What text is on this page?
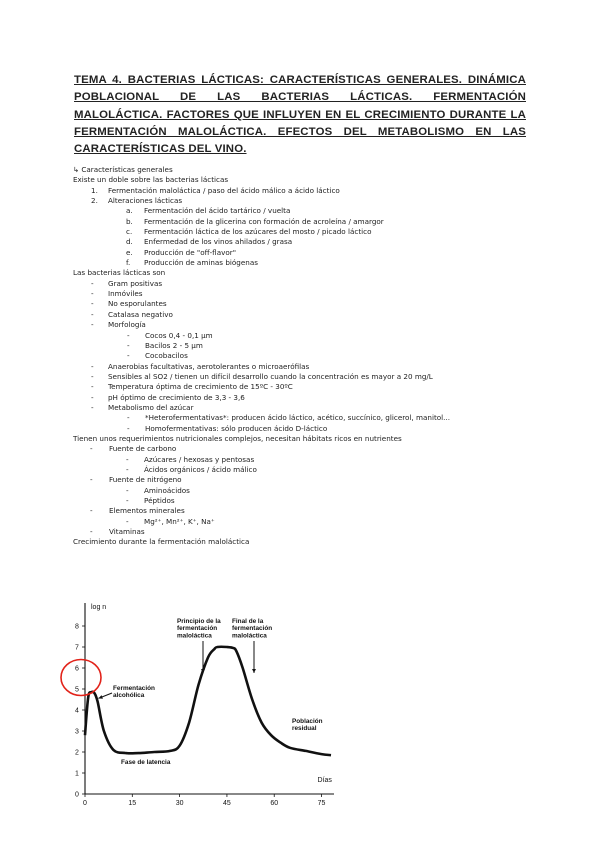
TEMA 4. BACTERIAS LÁCTICAS: CARACTERÍSTICAS GENERALES. DINÁMICA POBLACIONAL DE LAS BACTERIAS LÁCTICAS. FERMENTACIÓN MALOLÁCTICA. FACTORES QUE INFLUYEN EN EL CRECIMIENTO DURANTE LA FERMENTACIÓN MALOLÁCTICA. EFECTOS DEL METABOLISMO EN LAS CARACTERÍSTICAS DEL VINO.

↳ Características generales
Existe un doble sobre las bacterias lácticas
1. Fermentación maloláctica / paso del ácido málico a ácido láctico
2. Alteraciones lácticas
a. Fermentación del ácido tartárico / vuelta
b. Fermentación de la glicerina con formación de acroleína / amargor
c. Fermentación láctica de los azúcares del mosto / picado láctico
d. Enfermedad de los vinos ahilados / grasa
e. Producción de "off-flavor"
f. Producción de aminas biógenas
Las bacterias lácticas son
- Gram positivas
- Inmóviles
- No esporulantes
- Catalasa negativo
- Morfología
- Cocos 0,4 - 0,1 µm
- Bacilos 2 - 5 µm
- Cocobacilos
- Anaerobias facultativas, aerotolerantes o microaerófilas
- Sensibles al SO2 / tienen un difícil desarrollo cuando la concentración es mayor a 20 mg/L
- Temperatura óptima de crecimiento de 15ºC - 30ºC
- pH óptimo de crecimiento de 3,3 - 3,6
- Metabolismo del azúcar
- *Heterofermentativas*: producen ácido láctico, acético, succínico, glicerol, manitol...
- Homofermentativas: sólo producen ácido D-láctico
Tienen unos requerimientos nutricionales complejos, necesitan hábitats ricos en nutrientes
- Fuente de carbono
- Azúcares / hexosas y pentosas
- Ácidos orgánicos / ácido málico
- Fuente de nitrógeno
- Aminoácidos
- Péptidos
- Elementos minerales
- Mg²⁺, Mn²⁺, K⁺, Na⁺
- Vitaminas
Crecimiento durante la fermentación maloláctica
0
1
2
3
4
5
6
7
8
0	15	30	45	60	75
log n
Días
Fermentación alcohólica
Fase de latencia
Principio de la fermentación maloláctica
Final de la fermentación maloláctica
Población residual
